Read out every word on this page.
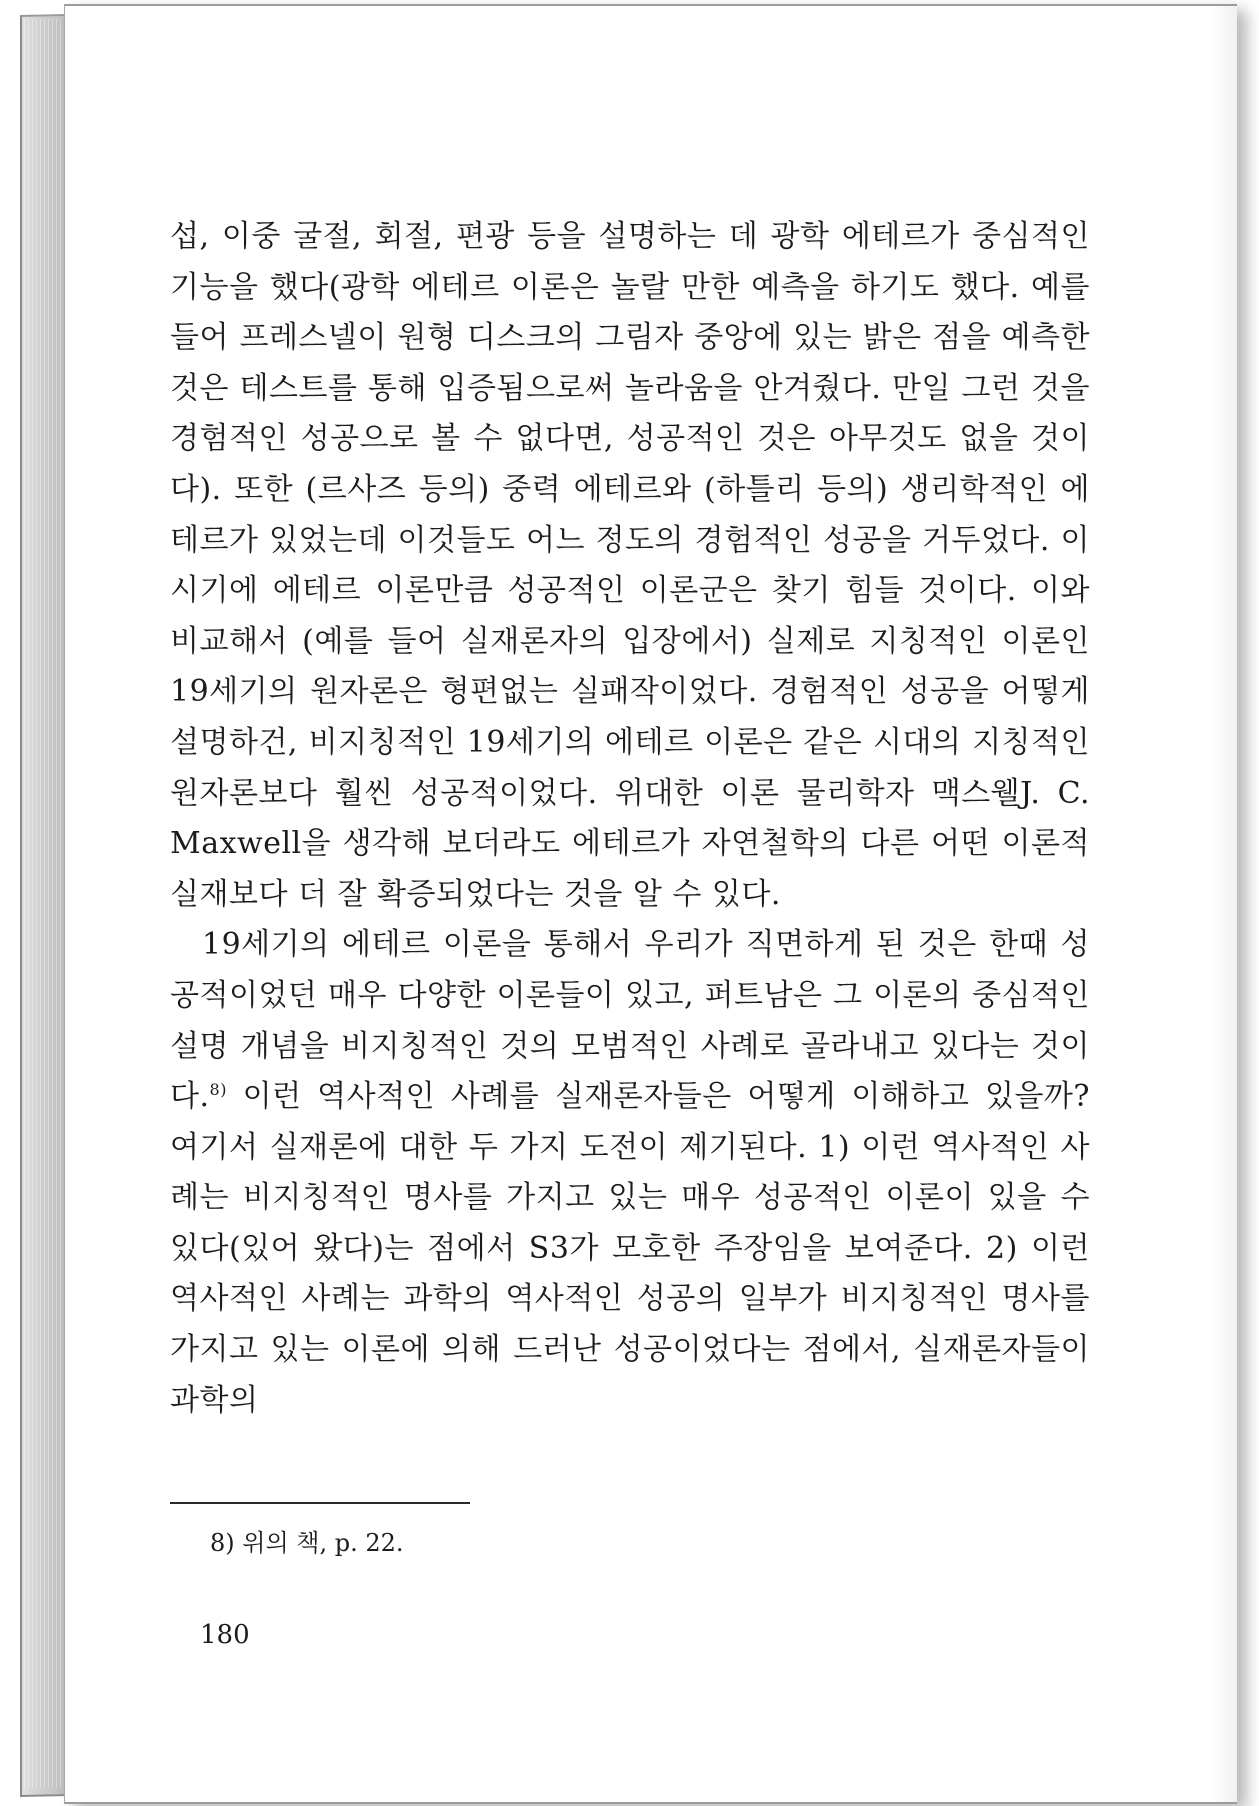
섭, 이중 굴절, 회절, 편광 등을 설명하는 데 광학 에테르가 중심적인 기능을 했다(광학 에테르 이론은 놀랄 만한 예측을 하기도 했다. 예를 들어 프레스넬이 원형 디스크의 그림자 중앙에 있는 밝은 점을 예측한 것은 테스트를 통해 입증됨으로써 놀라움을 안겨줬다. 만일 그런 것을 경험적인 성공으로 볼 수 없다면, 성공적인 것은 아무것도 없을 것이다). 또한 (르사즈 등의) 중력 에테르와 (하틀리 등의) 생리학적인 에테르가 있었는데 이것들도 어느 정도의 경험적인 성공을 거두었다. 이 시기에 에테르 이론만큼 성공적인 이론군은 찾기 힘들 것이다. 이와 비교해서 (예를 들어 실재론자의 입장에서) 실제로 지칭적인 이론인 19세기의 원자론은 형편없는 실패작이었다. 경험적인 성공을 어떻게 설명하건, 비지칭적인 19세기의 에테르 이론은 같은 시대의 지칭적인 원자론보다 훨씬 성공적이었다. 위대한 이론 물리학자 맥스웰J. C. Maxwell을 생각해 보더라도 에테르가 자연철학의 다른 어떤 이론적 실재보다 더 잘 확증되었다는 것을 알 수 있다.

19세기의 에테르 이론을 통해서 우리가 직면하게 된 것은 한때 성공적이었던 매우 다양한 이론들이 있고, 퍼트남은 그 이론의 중심적인 설명 개념을 비지칭적인 것의 모범적인 사례로 골라내고 있다는 것이다.$^{8)}$ 이런 역사적인 사례를 실재론자들은 어떻게 이해하고 있을까? 여기서 실재론에 대한 두 가지 도전이 제기된다. 1) 이런 역사적인 사례는 비지칭적인 명사를 가지고 있는 매우 성공적인 이론이 있을 수 있다(있어 왔다)는 점에서 S3가 모호한 주장임을 보여준다. 2) 이런 역사적인 사례는 과학의 역사적인 성공의 일부가 비지칭적인 명사를 가지고 있는 이론에 의해 드러난 성공이었다는 점에서, 실재론자들이 과학의

8) 위의 책, p. 22.
180
